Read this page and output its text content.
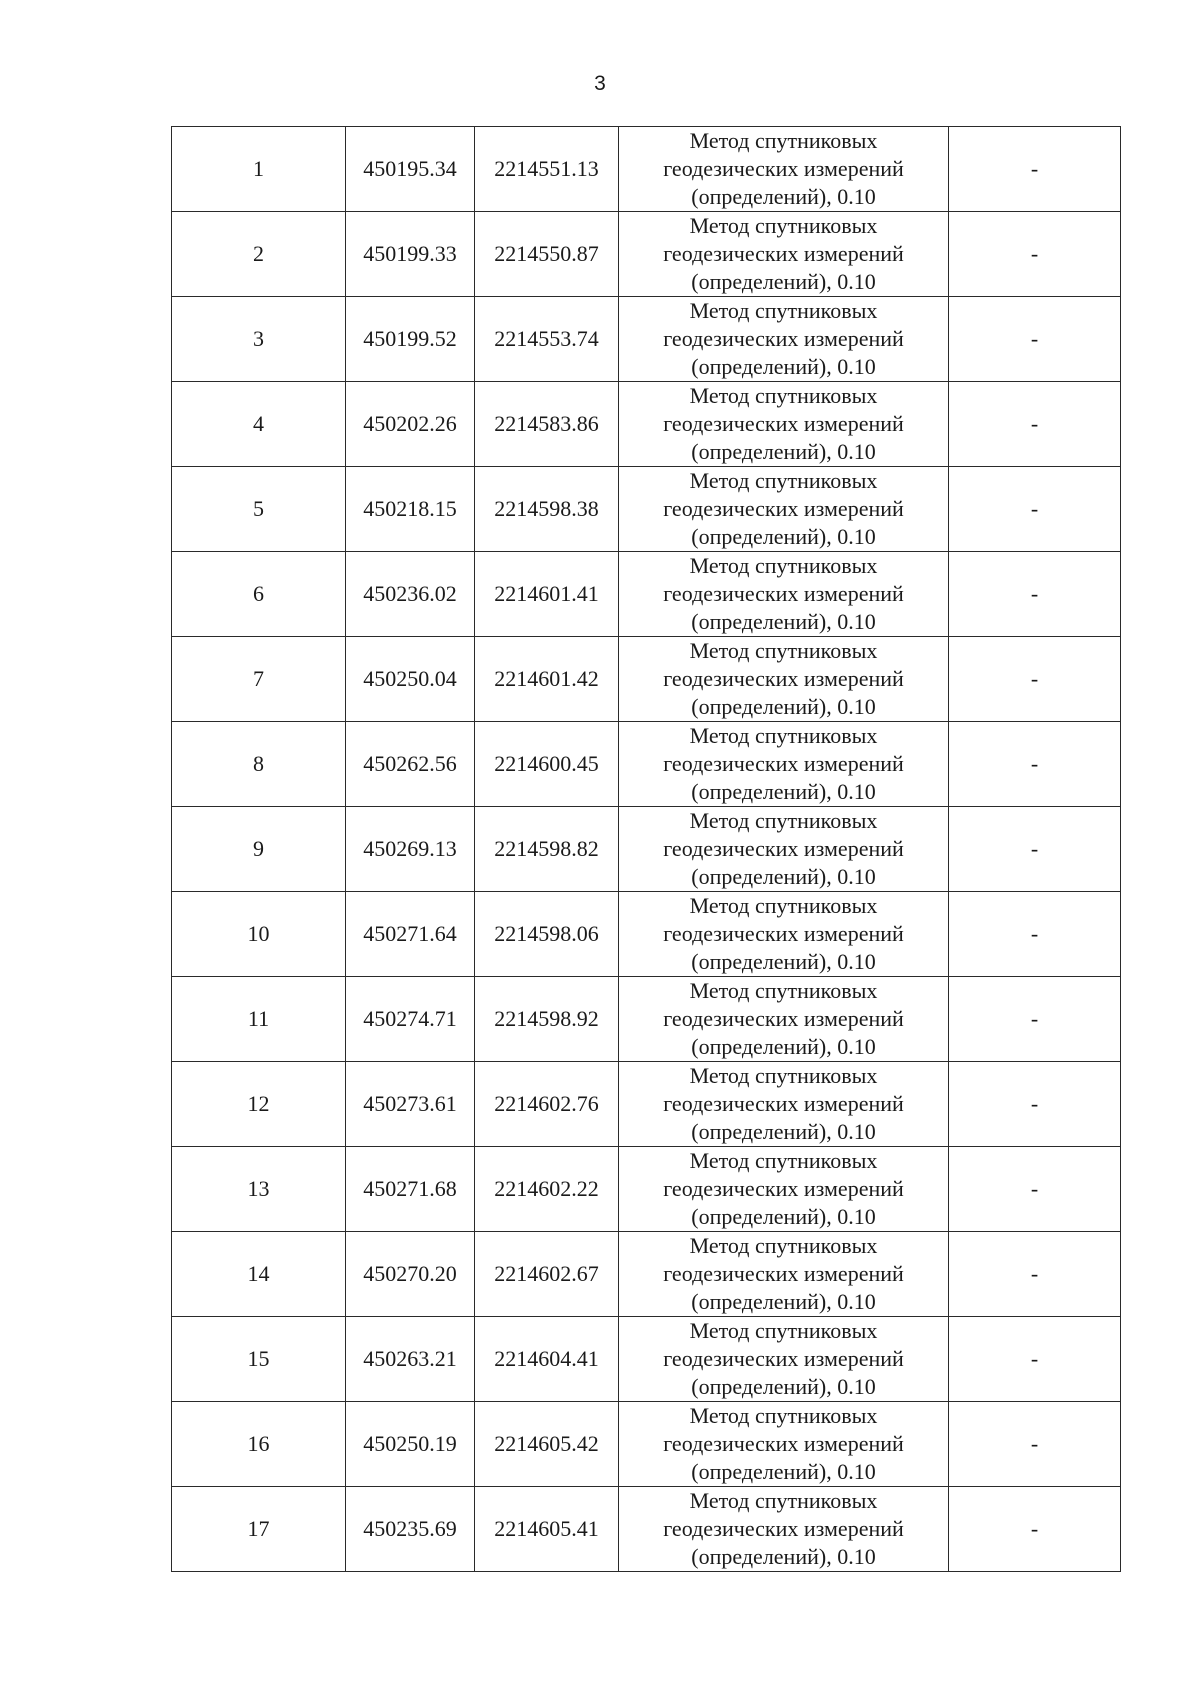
3
1	450195.34	2214551.13	Метод спутниковых
геодезических измерений
(определений), 0.10	-
2	450199.33	2214550.87	Метод спутниковых
геодезических измерений
(определений), 0.10	-
3	450199.52	2214553.74	Метод спутниковых
геодезических измерений
(определений), 0.10	-
4	450202.26	2214583.86	Метод спутниковых
геодезических измерений
(определений), 0.10	-
5	450218.15	2214598.38	Метод спутниковых
геодезических измерений
(определений), 0.10	-
6	450236.02	2214601.41	Метод спутниковых
геодезических измерений
(определений), 0.10	-
7	450250.04	2214601.42	Метод спутниковых
геодезических измерений
(определений), 0.10	-
8	450262.56	2214600.45	Метод спутниковых
геодезических измерений
(определений), 0.10	-
9	450269.13	2214598.82	Метод спутниковых
геодезических измерений
(определений), 0.10	-
10	450271.64	2214598.06	Метод спутниковых
геодезических измерений
(определений), 0.10	-
11	450274.71	2214598.92	Метод спутниковых
геодезических измерений
(определений), 0.10	-
12	450273.61	2214602.76	Метод спутниковых
геодезических измерений
(определений), 0.10	-
13	450271.68	2214602.22	Метод спутниковых
геодезических измерений
(определений), 0.10	-
14	450270.20	2214602.67	Метод спутниковых
геодезических измерений
(определений), 0.10	-
15	450263.21	2214604.41	Метод спутниковых
геодезических измерений
(определений), 0.10	-
16	450250.19	2214605.42	Метод спутниковых
геодезических измерений
(определений), 0.10	-
17	450235.69	2214605.41	Метод спутниковых
геодезических измерений
(определений), 0.10	-
